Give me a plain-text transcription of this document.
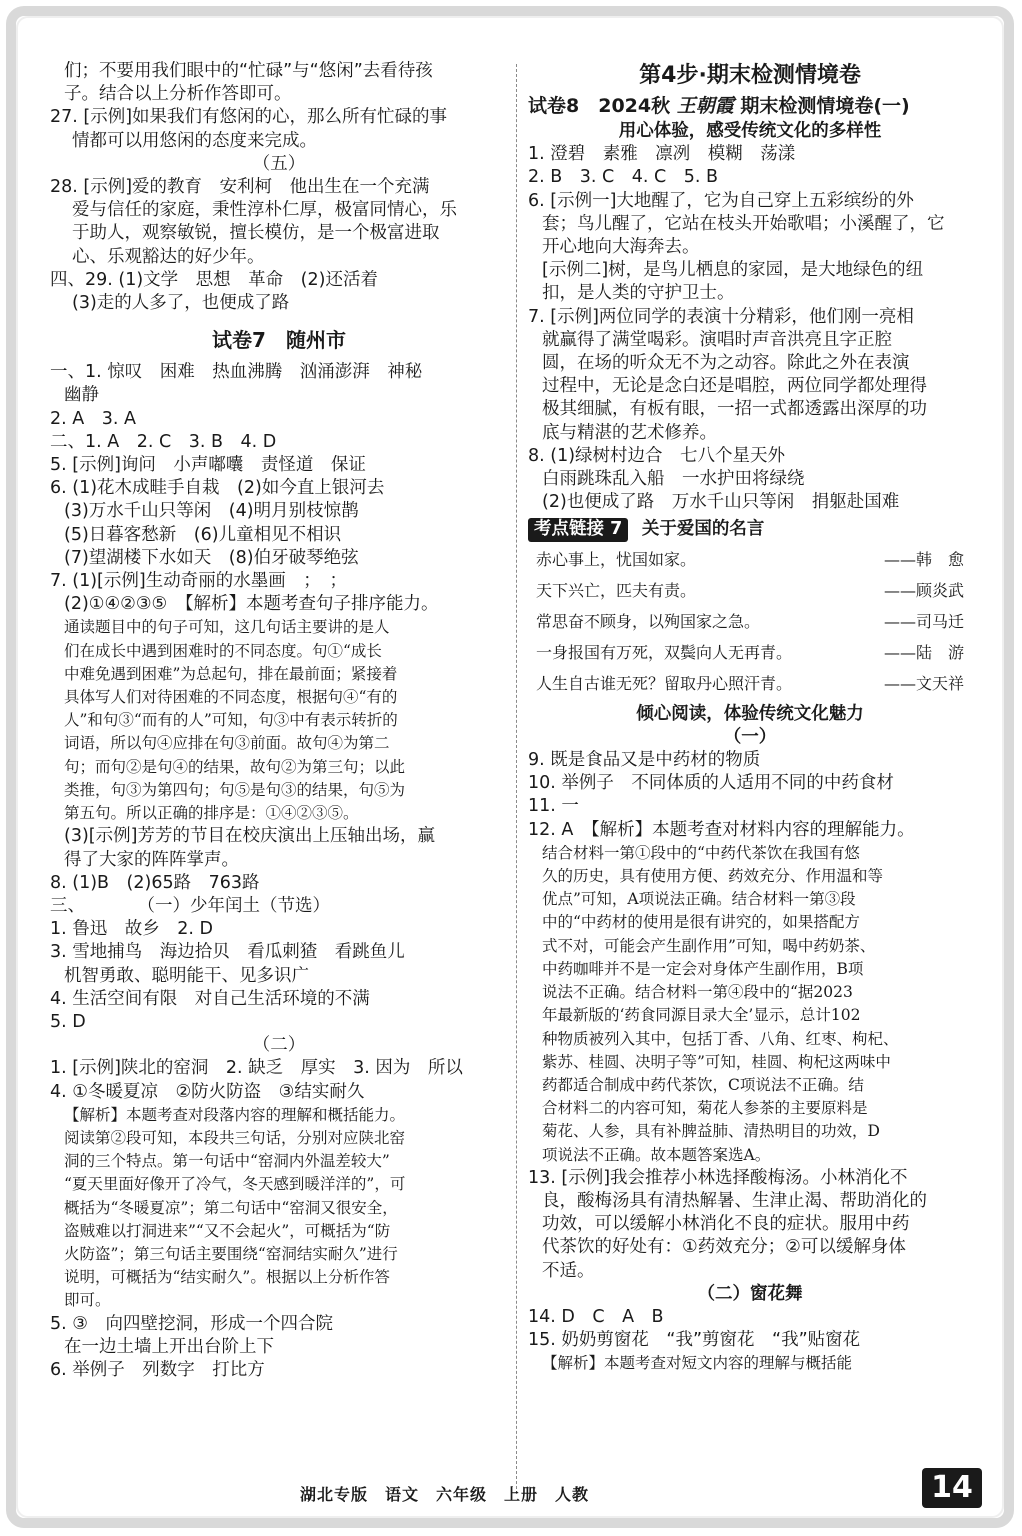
们；不要用我们眼中的“忙碌”与“悠闲”去看待孩
子。结合以上分析作答即可。
27. [示例]如果我们有悠闲的心，那么所有忙碌的事
情都可以用悠闲的态度来完成。
（五）
28. [示例]爱的教育　安利柯　他出生在一个充满
爱与信任的家庭，秉性淳朴仁厚，极富同情心，乐
于助人，观察敏锐，擅长模仿，是一个极富进取
心、乐观豁达的好少年。
四、29. (1)文学　思想　革命　(2)还活着
(3)走的人多了，也便成了路
试卷7　随州市
一、1. 惊叹　困难　热血沸腾　汹涌澎湃　神秘
幽静
2. A　3. A
二、1. A　2. C　3. B　4. D
5. [示例]询问　小声嘟囔　责怪道　保证
6. (1)花木成畦手自栽　(2)如今直上银河去
(3)万水千山只等闲　(4)明月别枝惊鹊
(5)日暮客愁新　(6)儿童相见不相识
(7)望湖楼下水如天　(8)伯牙破琴绝弦
7. (1)[示例]生动奇丽的水墨画　；　；
(2)①④②③⑤　【解析】本题考查句子排序能力。
通读题目中的句子可知，这几句话主要讲的是人
们在成长中遇到困难时的不同态度。句①“成长
中难免遇到困难”为总起句，排在最前面；紧接着
具体写人们对待困难的不同态度，根据句④“有的
人”和句③“而有的人”可知，句③中有表示转折的
词语，所以句④应排在句③前面。故句④为第二
句；而句②是句④的结果，故句②为第三句；以此
类推，句③为第四句；句⑤是句③的结果，句⑤为
第五句。所以正确的排序是：①④②③⑤。
(3)[示例]芳芳的节目在校庆演出上压轴出场，赢
得了大家的阵阵掌声。
8. (1)B　(2)65路　763路
三、　　　　（一）少年闰土（节选）
1. 鲁迅　故乡　2. D
3. 雪地捕鸟　海边拾贝　看瓜刺猹　看跳鱼儿
机智勇敢、聪明能干、见多识广
4. 生活空间有限　对自己生活环境的不满
5. D
（二）
1. [示例]陕北的窑洞　2. 缺乏　厚实　3. 因为　所以
4. ①冬暖夏凉　②防火防盗　③结实耐久
【解析】本题考查对段落内容的理解和概括能力。
阅读第②段可知，本段共三句话，分别对应陕北窑
洞的三个特点。第一句话中“窑洞内外温差较大”
“夏天里面好像开了冷气，冬天感到暖洋洋的”，可
概括为“冬暖夏凉”；第二句话中“窑洞又很安全，
盗贼难以打洞进来”“又不会起火”，可概括为“防
火防盗”；第三句话主要围绕“窑洞结实耐久”进行
说明，可概括为“结实耐久”。根据以上分析作答
即可。
5. ③　向四壁挖洞，形成一个四合院
在一边土墙上开出台阶上下
6. 举例子　列数字　打比方
第4步·期末检测情境卷
试卷8　2024秋 王朝霞 期末检测情境卷(一)
用心体验，感受传统文化的多样性
1. 澄碧　素雅　凛冽　模糊　荡漾
2. B　3. C　4. C　5. B
6. [示例一]大地醒了，它为自己穿上五彩缤纷的外
套；鸟儿醒了，它站在枝头开始歌唱；小溪醒了，它
开心地向大海奔去。
[示例二]树，是鸟儿栖息的家园，是大地绿色的纽
扣，是人类的守护卫士。
7. [示例]两位同学的表演十分精彩，他们刚一亮相
就赢得了满堂喝彩。演唱时声音洪亮且字正腔
圆，在场的听众无不为之动容。除此之外在表演
过程中，无论是念白还是唱腔，两位同学都处理得
极其细腻，有板有眼，一招一式都透露出深厚的功
底与精湛的艺术修养。
8. (1)绿树村边合　七八个星天外
白雨跳珠乱入船　一水护田将绿绕
(2)也便成了路　万水千山只等闲　捐躯赴国难
考点链接 7 关于爱国的名言
赤心事上，忧国如家。	——韩　愈
天下兴亡，匹夫有责。	——顾炎武
常思奋不顾身，以殉国家之急。	——司马迁
一身报国有万死，双鬓向人无再青。	——陆　游
人生自古谁无死？留取丹心照汗青。	——文天祥
倾心阅读，体验传统文化魅力
（一）
9. 既是食品又是中药材的物质
10. 举例子　不同体质的人适用不同的中药食材
11. 一
12. A　【解析】本题考查对材料内容的理解能力。
结合材料一第①段中的“中药代茶饮在我国有悠
久的历史，具有使用方便、药效充分、作用温和等
优点”可知，A项说法正确。结合材料一第③段
中的“中药材的使用是很有讲究的，如果搭配方
式不对，可能会产生副作用”可知，喝中药奶茶、
中药咖啡并不是一定会对身体产生副作用，B项
说法不正确。结合材料一第④段中的“据2023
年最新版的‘药食同源目录大全’显示，总计102
种物质被列入其中，包括丁香、八角、红枣、枸杞、
紫苏、桂圆、决明子等”可知，桂圆、枸杞这两味中
药都适合制成中药代茶饮，C项说法不正确。结
合材料二的内容可知，菊花人参茶的主要原料是
菊花、人参，具有补脾益肺、清热明目的功效，D
项说法不正确。故本题答案选A。
13. [示例]我会推荐小林选择酸梅汤。小林消化不
良，酸梅汤具有清热解暑、生津止渴、帮助消化的
功效，可以缓解小林消化不良的症状。服用中药
代茶饮的好处有：①药效充分；②可以缓解身体
不适。
（二）窗花舞
14. D　C　A　B
15. 奶奶剪窗花　“我”剪窗花　“我”贴窗花
【解析】本题考查对短文内容的理解与概括能
湖北专版　语文　六年级　上册　人教	14
